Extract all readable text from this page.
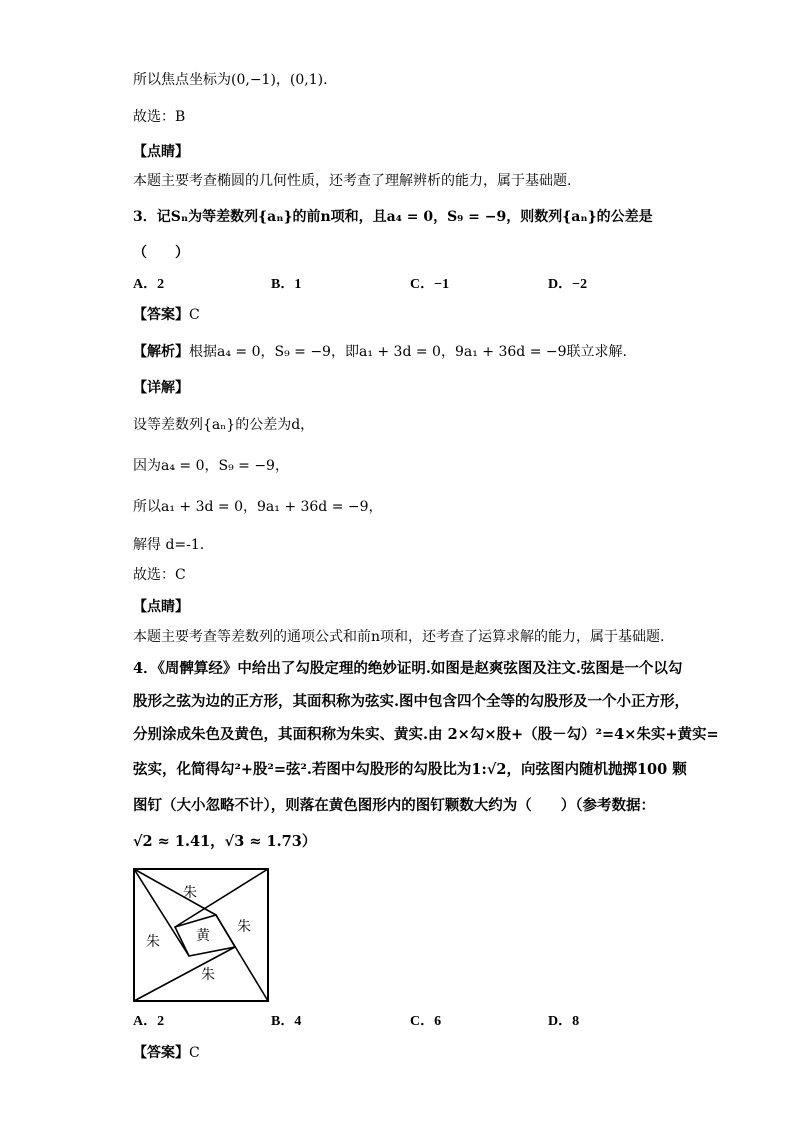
所以焦点坐标为(0,−1)，(0,1).
故选：B
【 点睛 】
本题主要考查椭圆的几何性质，还考查了理解辨析的能力，属于基础题.
3．记Sₙ为等差数列{aₙ}的前n项和，且a₄ = 0，S₉ = −9，则数列{aₙ}的公差是
（　　）
A．2	B．1	C．−1	D．−2
【 答案 】 C
【 解析 】 根据a₄ = 0，S₉ = −9，即a₁ + 3d = 0，9a₁ + 36d = −9联立求解.
【 详解 】
设等差数列{aₙ}的公差为d，
因为a₄ = 0，S₉ = −9，
所以a₁ + 3d = 0，9a₁ + 36d = −9，
解得 d=-1.
故选：C
【 点睛 】
本题主要考查等差数列的通项公式和前n项和，还考查了运算求解的能力，属于基础题.
4．《周髀算经》中给出了勾股定理的绝妙证明.如图是赵爽弦图及注文.弦图是一个以勾
股形之弦为边的正方形，其面积称为弦实.图中包含四个全等的勾股形及一个小正方形，
分别涂成朱色及黄色，其面积称为朱实、黄实.由 2×勾×股+（股－勾）²=4×朱实+黄实=
弦实，化简得勾²+股²=弦².若图中勾股形的勾股比为1:√2，向弦图内随机抛掷100 颗
图钉（大小忽略不计），则落在黄色图形内的图钉颗数大约为（　　）（参考数据：
√2 ≈ 1.41，√3 ≈ 1.73）
朱
朱
朱
朱	黄
A．2	B．4	C．6	D．8
【 答案 】 C
